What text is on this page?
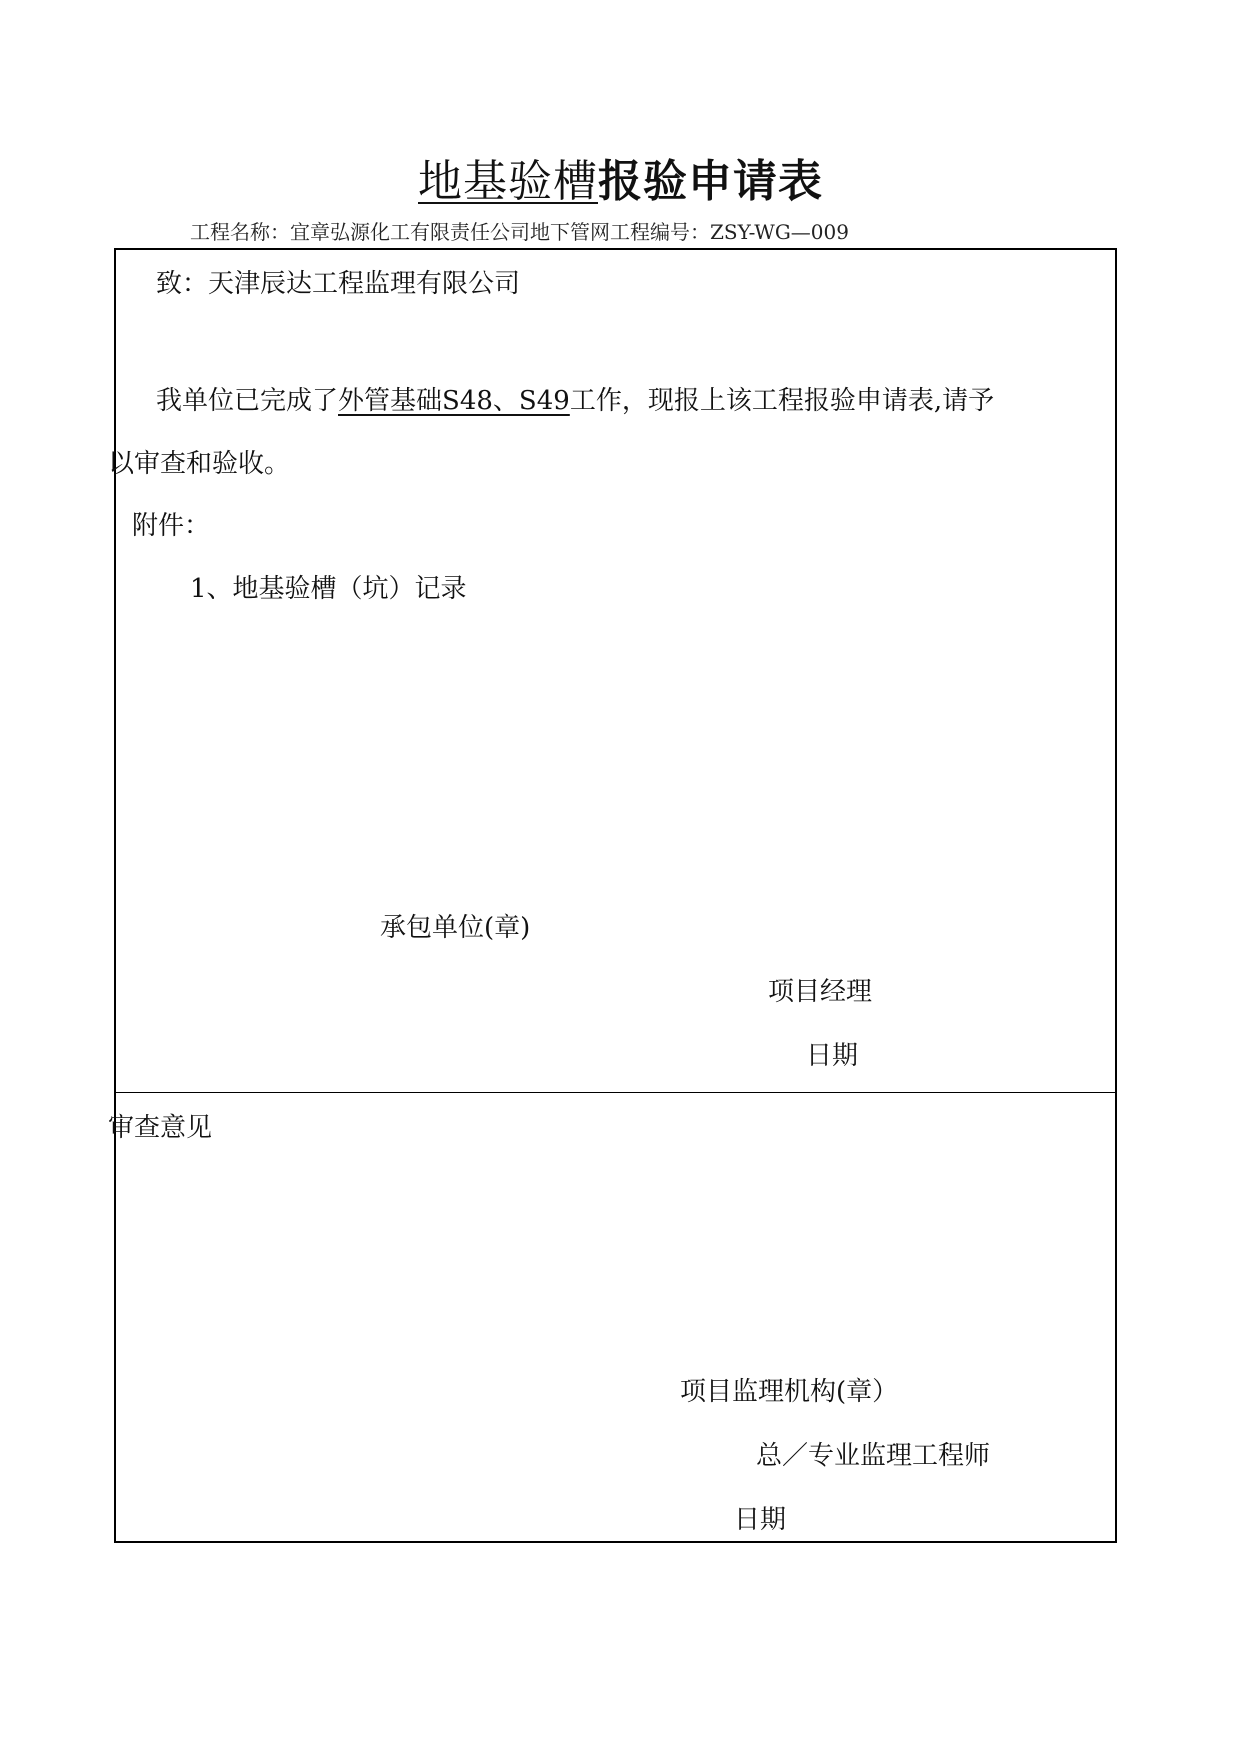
地基验槽报验申请表
工程名称：宜章弘源化工有限责任公司地下管网工程编号：ZSY-WG—009
致：天津辰达工程监理有限公司
我单位已完成了外管基础S48、S49工作，现报上该工程报验申请表,请予
以审查和验收。
附件：
1、地基验槽（坑）记录
承包单位(章)
项目经理
日期
审查意见
项目监理机构(章）
总／专业监理工程师
日期
